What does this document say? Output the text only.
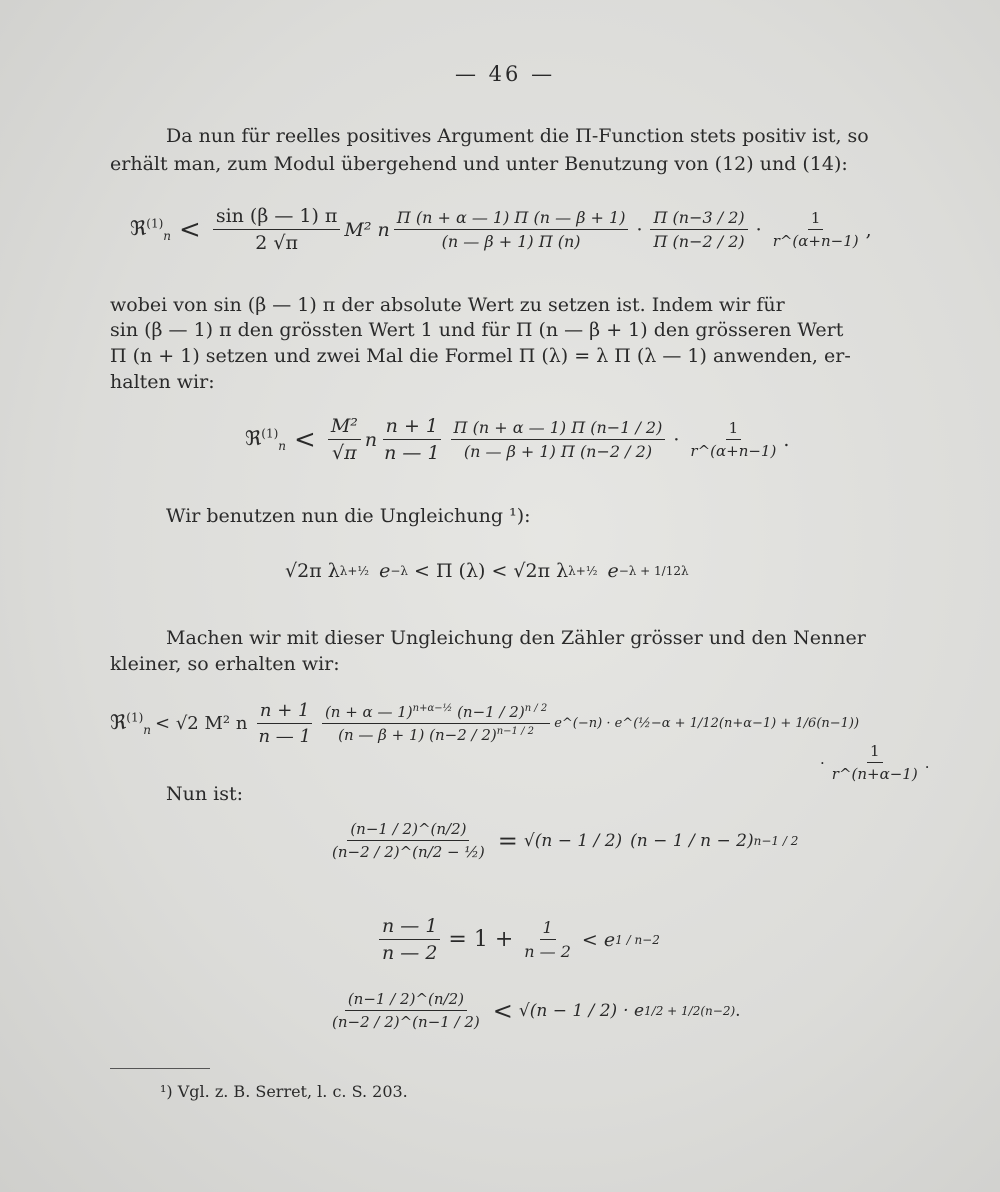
— 46 —
Da nun für reelles positives Argument die Π-Function stets positiv ist, so
erhält man, zum Modul übergehend und unter Benutzung von (12) und (14):
ℜ$^{(1)}_n$ < $\frac{\sin (\beta — 1) \pi}{2 √\pi} M^2$ n $\frac{\Pi (n + \alpha — 1) \Pi (n — \beta + 1)}{(n — \beta + 1) \Pi (n)} \cdot \frac{\Pi (n-3 / 2)}{\Pi (n-2 / 2)} \cdot \frac{1}{r\^{}(\alpha+n-1)}$ ,
wobei von sin (β — 1) π der absolute Wert zu setzen ist. Indem wir für
sin (β — 1) π den grössten Wert 1 und für Π (n — β + 1) den grösseren Wert
Π (n + 1) setzen und zwei Mal die Formel Π (λ) = λ Π (λ — 1) anwenden, er-
halten wir:
ℜ$^{(1)}_n$ < $\frac{\text{M²}}{√\pi}$ n $\frac{n + 1}{n — 1} \frac{\Pi (n + \alpha — 1) \Pi (n-1 / 2)}{(n — \beta + 1) \Pi (n-2 / 2)} \cdot \frac{1}{r\^{}(\alpha+n-1)}$ .
Wir benutzen nun die Ungleichung ¹):
√2π λ λ+½ e −λ < Π (λ) < √2π λ λ+½ e −λ + 1/12λ
Machen wir mit dieser Ungleichung den Zähler grösser und den Nenner
kleiner, so erhalten wir:
ℜ$^{(1)}_n$ < √2 M² n $\frac{n + 1}{n — 1} \frac{(n + \alpha — 1)^{n+\alpha-\frac{1}{2}} (n-1 / 2)^{n / 2}}{(n — \beta + 1) (n-2 / 2)^{n-1 / 2}}$ e^(−n) · e^(½−α + 1/12(n+α−1) + 1/6(n−1))
· $\frac{1}{r\^{}(n+\alpha-1)}$ .
Nun ist:
$\frac{(n-1 / 2)\^{}(n/2)}{\text{(n−2 / 2)\textasciicircum{}(n/2 − ½)}} = √(n - 1 / 2) (n - 1 / n - 2)$ n−1 / 2
$\frac{n — 1}{n — 2} = 1 + \frac{1}{n — 2} < e$ 1 / n−2
$\frac{(n-1 / 2)\^{}(n/2)}{(n-2 / 2)\^{}(n-1 / 2)} < √(n - 1 / 2) \cdot e$ 1/2 + 1/2(n−2) .
¹) Vgl. z. B. Serret, l. c. S. 203.
